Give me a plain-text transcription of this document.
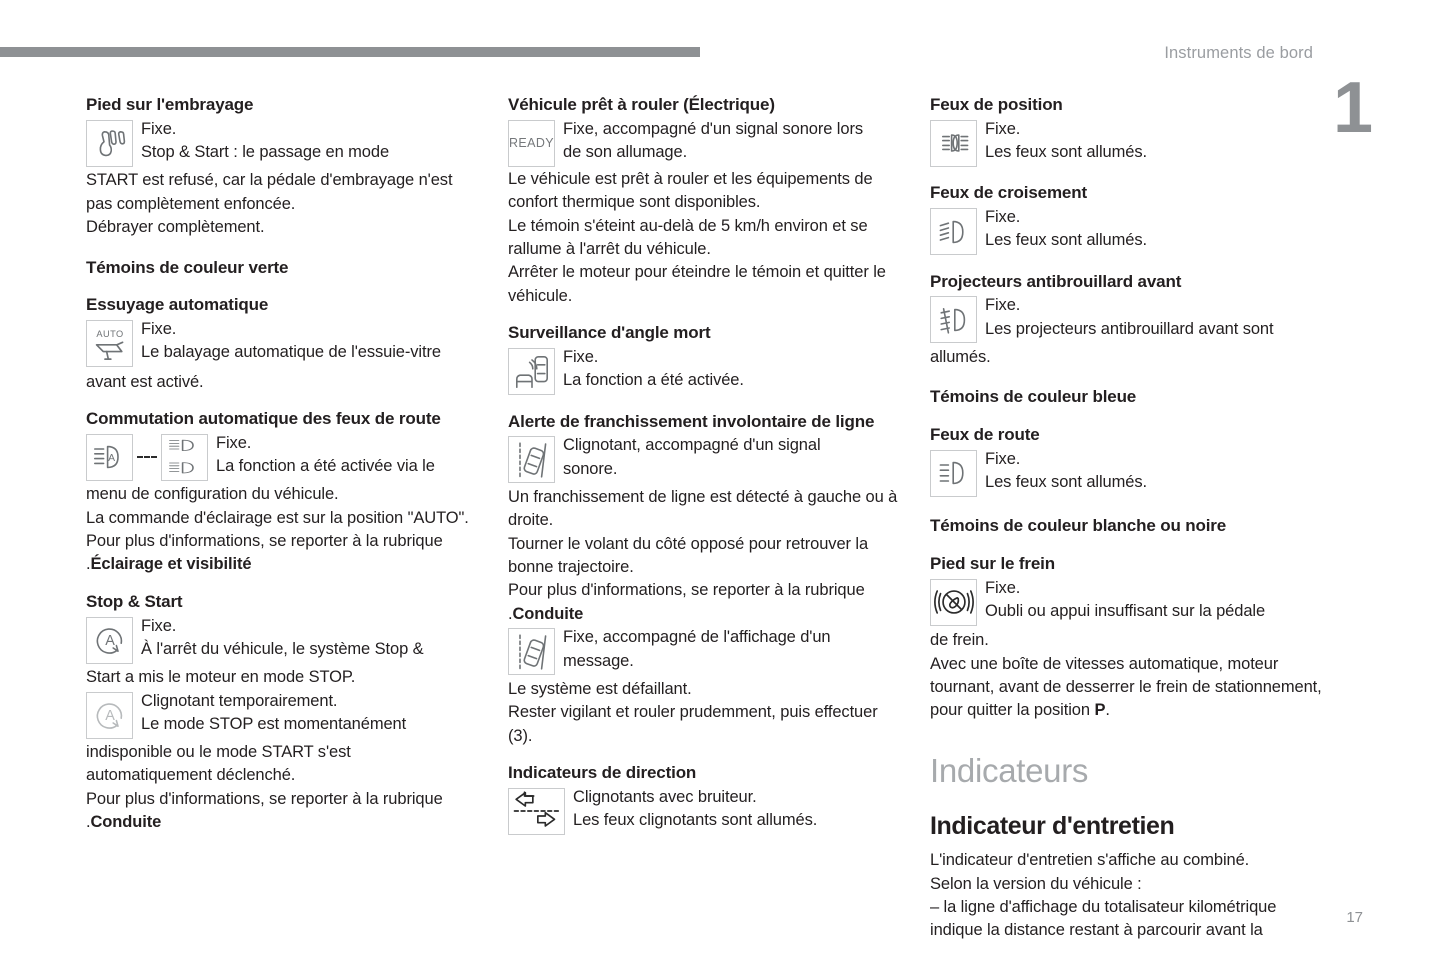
Instruments de bord
1
17
Pied sur l'embrayage
Fixe.
Stop & Start : le passage en mode

START est refusé, car la pédale d'embrayage n'est pas complètement enfoncée.

Débrayer complètement.

Témoins de couleur verte
Essuyage automatique
AUTO Fixe.
Le balayage automatique de l'essuie-vitre

avant est activé.

Commutation automatique des feux de route
A
Fixe.
La fonction a été activée via le

menu de configuration du véhicule.

La commande d'éclairage est sur la position "AUTO".

Pour plus d'informations, se reporter à la rubrique .Éclairage et visibilité

Stop & Start
A
Fixe.
À l'arrêt du véhicule, le système Stop &

Start a mis le moteur en mode STOP.

A
Clignotant temporairement.
Le mode STOP est momentanément

indisponible ou le mode START s'est automatiquement déclenché.

Pour plus d'informations, se reporter à la rubrique .Conduite

Véhicule prêt à rouler (Électrique)
READY
Fixe, accompagné d'un signal sonore lors
de son allumage.

Le véhicule est prêt à rouler et les équipements de confort thermique sont disponibles.

Le témoin s'éteint au-delà de 5 km/h environ et se rallume à l'arrêt du véhicule.

Arrêter le moteur pour éteindre le témoin et quitter le véhicule.

Surveillance d'angle mort
Fixe.
La fonction a été activée.
Alerte de franchissement involontaire de ligne
Clignotant, accompagné d'un signal
sonore.

Un franchissement de ligne est détecté à gauche ou à droite.

Tourner le volant du côté opposé pour retrouver la bonne trajectoire.

Pour plus d'informations, se reporter à la rubrique .Conduite

Fixe, accompagné de l'affichage d'un
message.

Le système est défaillant.

Rester vigilant et rouler prudemment, puis effectuer (3).

Indicateurs de direction
Clignotants avec bruiteur.
Les feux clignotants sont allumés.
Feux de position
Fixe.
Les feux sont allumés.
Feux de croisement
Fixe.
Les feux sont allumés.
Projecteurs antibrouillard avant
Fixe.
Les projecteurs antibrouillard avant sont

allumés.

Témoins de couleur bleue
Feux de route
Fixe.
Les feux sont allumés.
Témoins de couleur blanche ou noire
Pied sur le frein
Fixe.
Oubli ou appui insuffisant sur la pédale

de frein.

Avec une boîte de vitesses automatique, moteur tournant, avant de desserrer le frein de stationnement, pour quitter la position P.

Indicateurs
Indicateur d'entretien

L'indicateur d'entretien s'affiche au combiné.

Selon la version du véhicule :

– la ligne d'affichage du totalisateur kilométrique indique la distance restant à parcourir avant la
